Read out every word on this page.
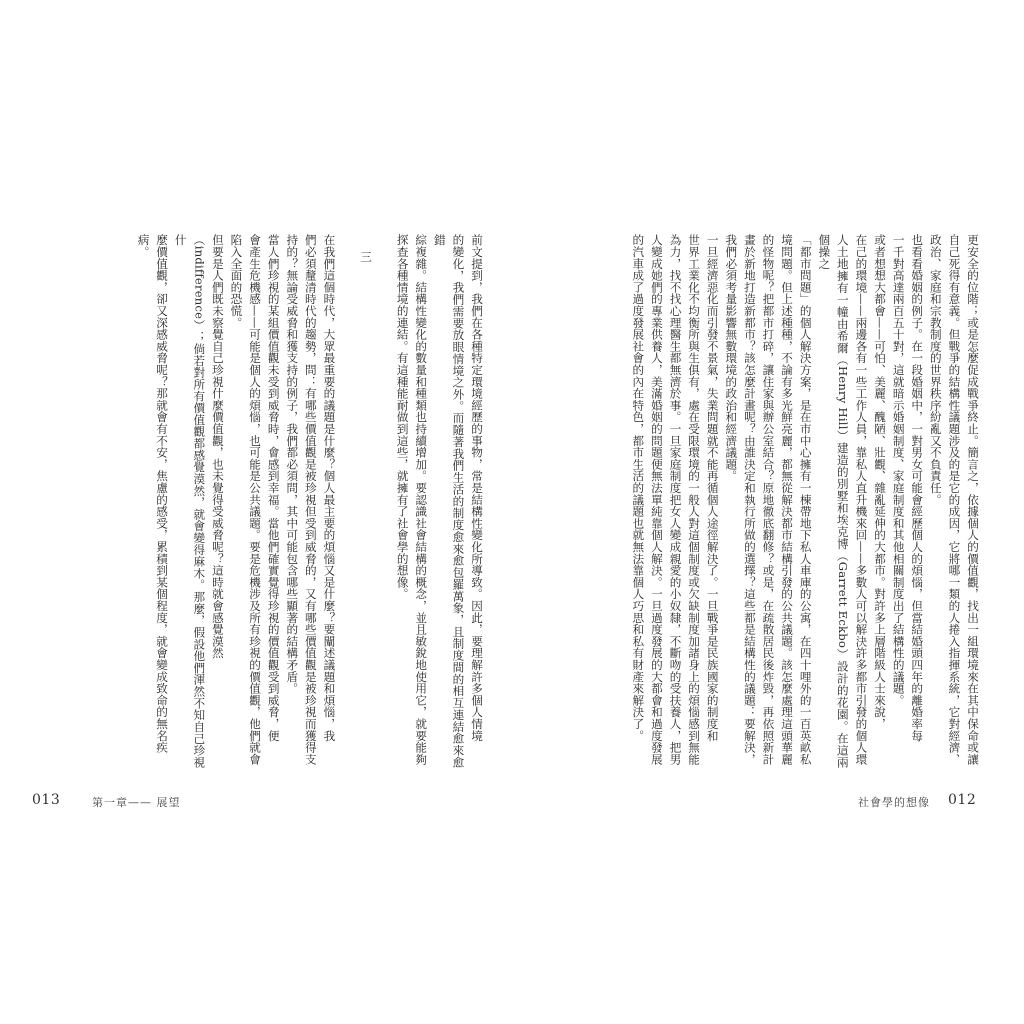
前文提到，我們在各種特定環境經歷的事物，常是結構性變化所導致。因此，要理解許多個人情境
的變化，我們需要放眼情境之外。而隨著我們生活的制度愈來愈包羅萬象，且制度間的相互連結愈來愈錯
綜複雜。結構性變化的數量和種類也持續增加。要認識社會結構的概念，並且敏銳地使用它，就要能夠
探查各種情境的連結。有這種能耐做到這些，就擁有了社會學的想像。
三
在我們這個時代，大眾最重要的議題是什麼？個人最主要的煩惱又是什麼？要闡述議題和煩惱，我
們必須釐清時代的趨勢，問：有哪些價值觀是被珍視但受到威脅的，又有哪些價值觀是被珍視而獲得支
持的？無論受威脅和獲支持的例子，我們都必須問，其中可能包含哪些顯著的結構矛盾。
當人們珍視的某組價值觀未受到威脅時，會感到幸福。當他們確實覺得珍視的價值觀受到威脅，便
會產生危機感——可能是個人的煩惱，也可能是公共議題。要是危機涉及所有珍視的價值觀，他們就會
陷入全面的恐慌。
但要是人們既未察覺自己珍視什麼價值觀，也未覺得受威脅呢？這時就會感覺漠然
（indifference）；倘若對所有價值觀都感覺漠然，就會變得麻木。那麼，假設他們渾然不知自己珍視什
麼價值觀，卻又深感威脅呢？那就會有不安，焦慮的感受，累積到某個程度，就會變成致命的無名疾
病。
013	第一章—— 展望
更安全的位階；或是怎麼促成戰爭終止。簡言之，依據個人的價值觀，找出一組環境來在其中保命或讓
自己死得有意義。但戰爭的結構性議題涉及的是它的成因，它將哪一類的人捲入指揮系統，它對經濟、
政治、家庭和宗教制度的世界秩序紛亂又不負責任。
也看看婚姻的例子。在一段婚姻中，一對男女可能會經歷個人的煩惱，但當結婚頭四年的離婚率每
一千對高達兩百五十對，這就暗示婚姻制度、家庭制度和其他相關制度出了結構性的議題。
或者想想大都會——可怕、美麗、醜陋、壯觀、雜亂延伸的大都市。對許多上層階級人士來說，
在己的環境——兩邊各有一些工作人員，靠私人直升機來回——多數人可以解決許多都市引發的個人環
人土地擁有一幢由希爾（Henry Hill）建造的別墅和埃克博（Garrett Eckbo）設計的花園。在這兩個操之
「都市問題」的個人解決方案，是在市中心擁有一棟帶地下私人車庫的公寓，在四十哩外的一百英畝私
境問題。但上述種種，不論有多光鮮亮麗，都無從解決都市結構引發的公共議題。該怎麼處理這頭華麗
的怪物呢？把都市打碎，讓住家與辦公室結合？原地徹底翻修？或是，在疏散居民後炸毀，再依照新計
畫於新地打造新都市？該怎麼計畫呢？由誰決定和執行所做的選擇？這些都是結構性的議題：要解決，
我們必須考量影響無數環境的政治和經濟議題。
一旦經濟惡化而引發不景氣，失業問題就不能再循個人途徑解決了。一旦戰爭是民族國家的制度和
世界工業化不均衡所與生俱有，處在受限環境的一般人對這個制度或欠缺制度加諸身上的煩惱感到無能
為力，找不找心理醫生都無濟於事。一旦家庭制度把女人變成親愛的小奴隸，不斷吻的受扶養人，把男
人變成她們的專業供養人，美滿婚姻的問題便無法單純靠個人解決。一旦過度發展的大都會和過度發展
的汽車成了過度發展社會的內在特色，都市生活的議題也就無法靠個人巧思和私有財產來解決了。
社會學的想像 012
